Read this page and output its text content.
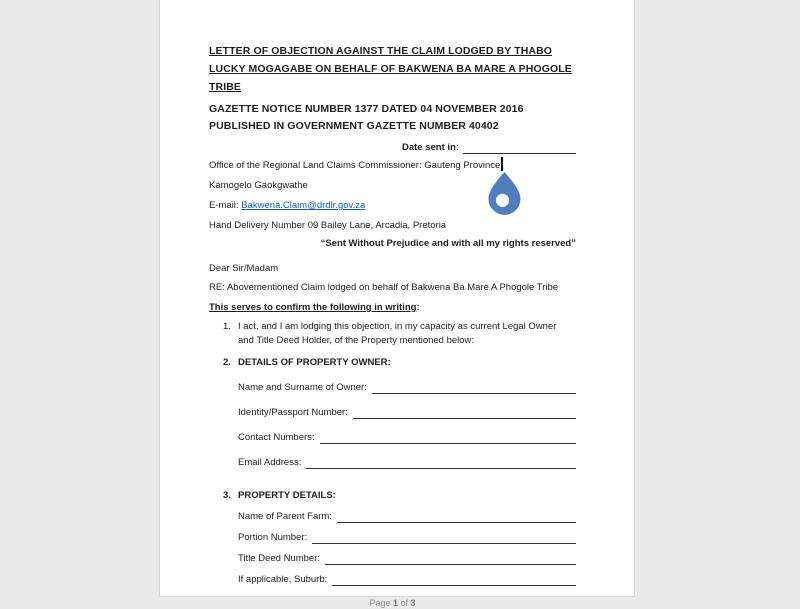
LETTER OF OBJECTION AGAINST THE CLAIM LODGED BY THABO LUCKY MOGAGABE ON BEHALF OF BAKWENA BA MARE A PHOGOLE TRIBE
GAZETTE NOTICE NUMBER 1377 DATED 04 NOVEMBER 2016 PUBLISHED IN GOVERNMENT GAZETTE NUMBER 40402
Date sent in:
Office of the Regional Land Claims Commissioner: Gauteng Province
Kamogelo Gaokgwathe
E-mail: Bakwena.Claim@drdlr.gov.za
Hand Delivery Number 09 Bailey Lane, Arcadia, Pretoria
“Sent Without Prejudice and with all my rights reserved”
Dear Sir/Madam
RE: Abovementioned Claim lodged on behalf of Bakwena Ba Mare A Phogole Tribe
This serves to confirm the following in writing:
1. I act, and I am lodging this objection, in my capacity as current Legal Owner and Title Deed Holder, of the Property mentioned below:
2. DETAILS OF PROPERTY OWNER:
Name and Surname of Owner:
Identity/Passport Number:
Contact Numbers:
Email Address:
3. PROPERTY DETAILS:
Name of Parent Farm:
Portion Number:
Title Deed Number:
If applicable, Suburb:
Page 1 of 3
